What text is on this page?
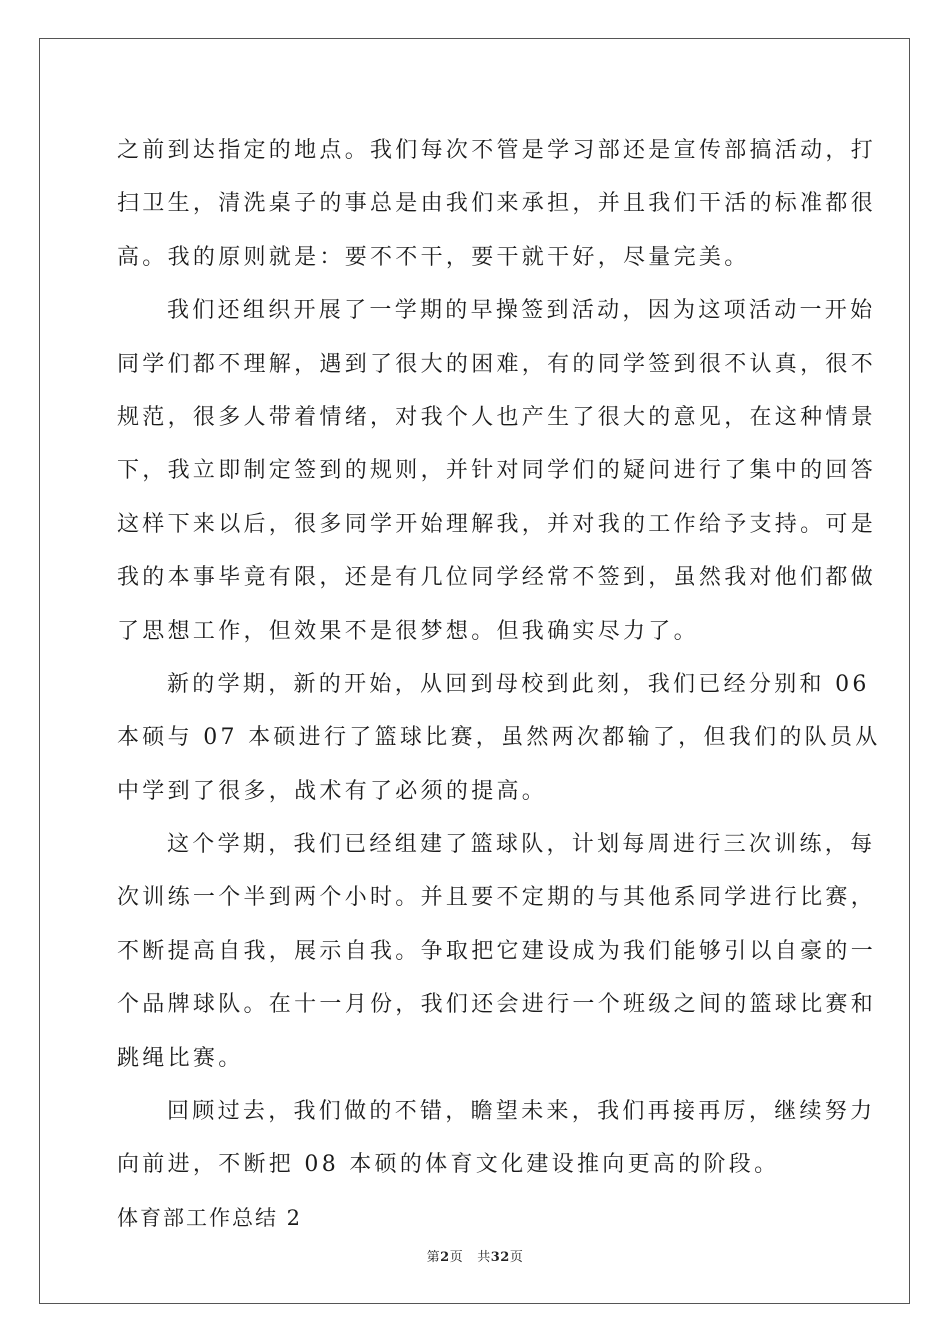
之前到达指定的地点。我们每次不管是学习部还是宣传部搞活动，打
扫卫生，清洗桌子的事总是由我们来承担，并且我们干活的标准都很
高。我的原则就是：要不不干，要干就干好，尽量完美。
我们还组织开展了一学期的早操签到活动，因为这项活动一开始
同学们都不理解，遇到了很大的困难，有的同学签到很不认真，很不
规范，很多人带着情绪，对我个人也产生了很大的意见，在这种情景
下，我立即制定签到的规则，并针对同学们的疑问进行了集中的回答
这样下来以后，很多同学开始理解我，并对我的工作给予支持。可是
我的本事毕竟有限，还是有几位同学经常不签到，虽然我对他们都做
了思想工作，但效果不是很梦想。但我确实尽力了。
新的学期，新的开始，从回到母校到此刻，我们已经分别和 06
本硕与 07 本硕进行了篮球比赛，虽然两次都输了，但我们的队员从
中学到了很多，战术有了必须的提高。
这个学期，我们已经组建了篮球队，计划每周进行三次训练，每
次训练一个半到两个小时。并且要不定期的与其他系同学进行比赛，
不断提高自我，展示自我。争取把它建设成为我们能够引以自豪的一
个品牌球队。在十一月份，我们还会进行一个班级之间的篮球比赛和
跳绳比赛。
回顾过去，我们做的不错，瞻望未来，我们再接再厉，继续努力
向前进，不断把 08 本硕的体育文化建设推向更高的阶段。
体育部工作总结 2
第2页 共32页
